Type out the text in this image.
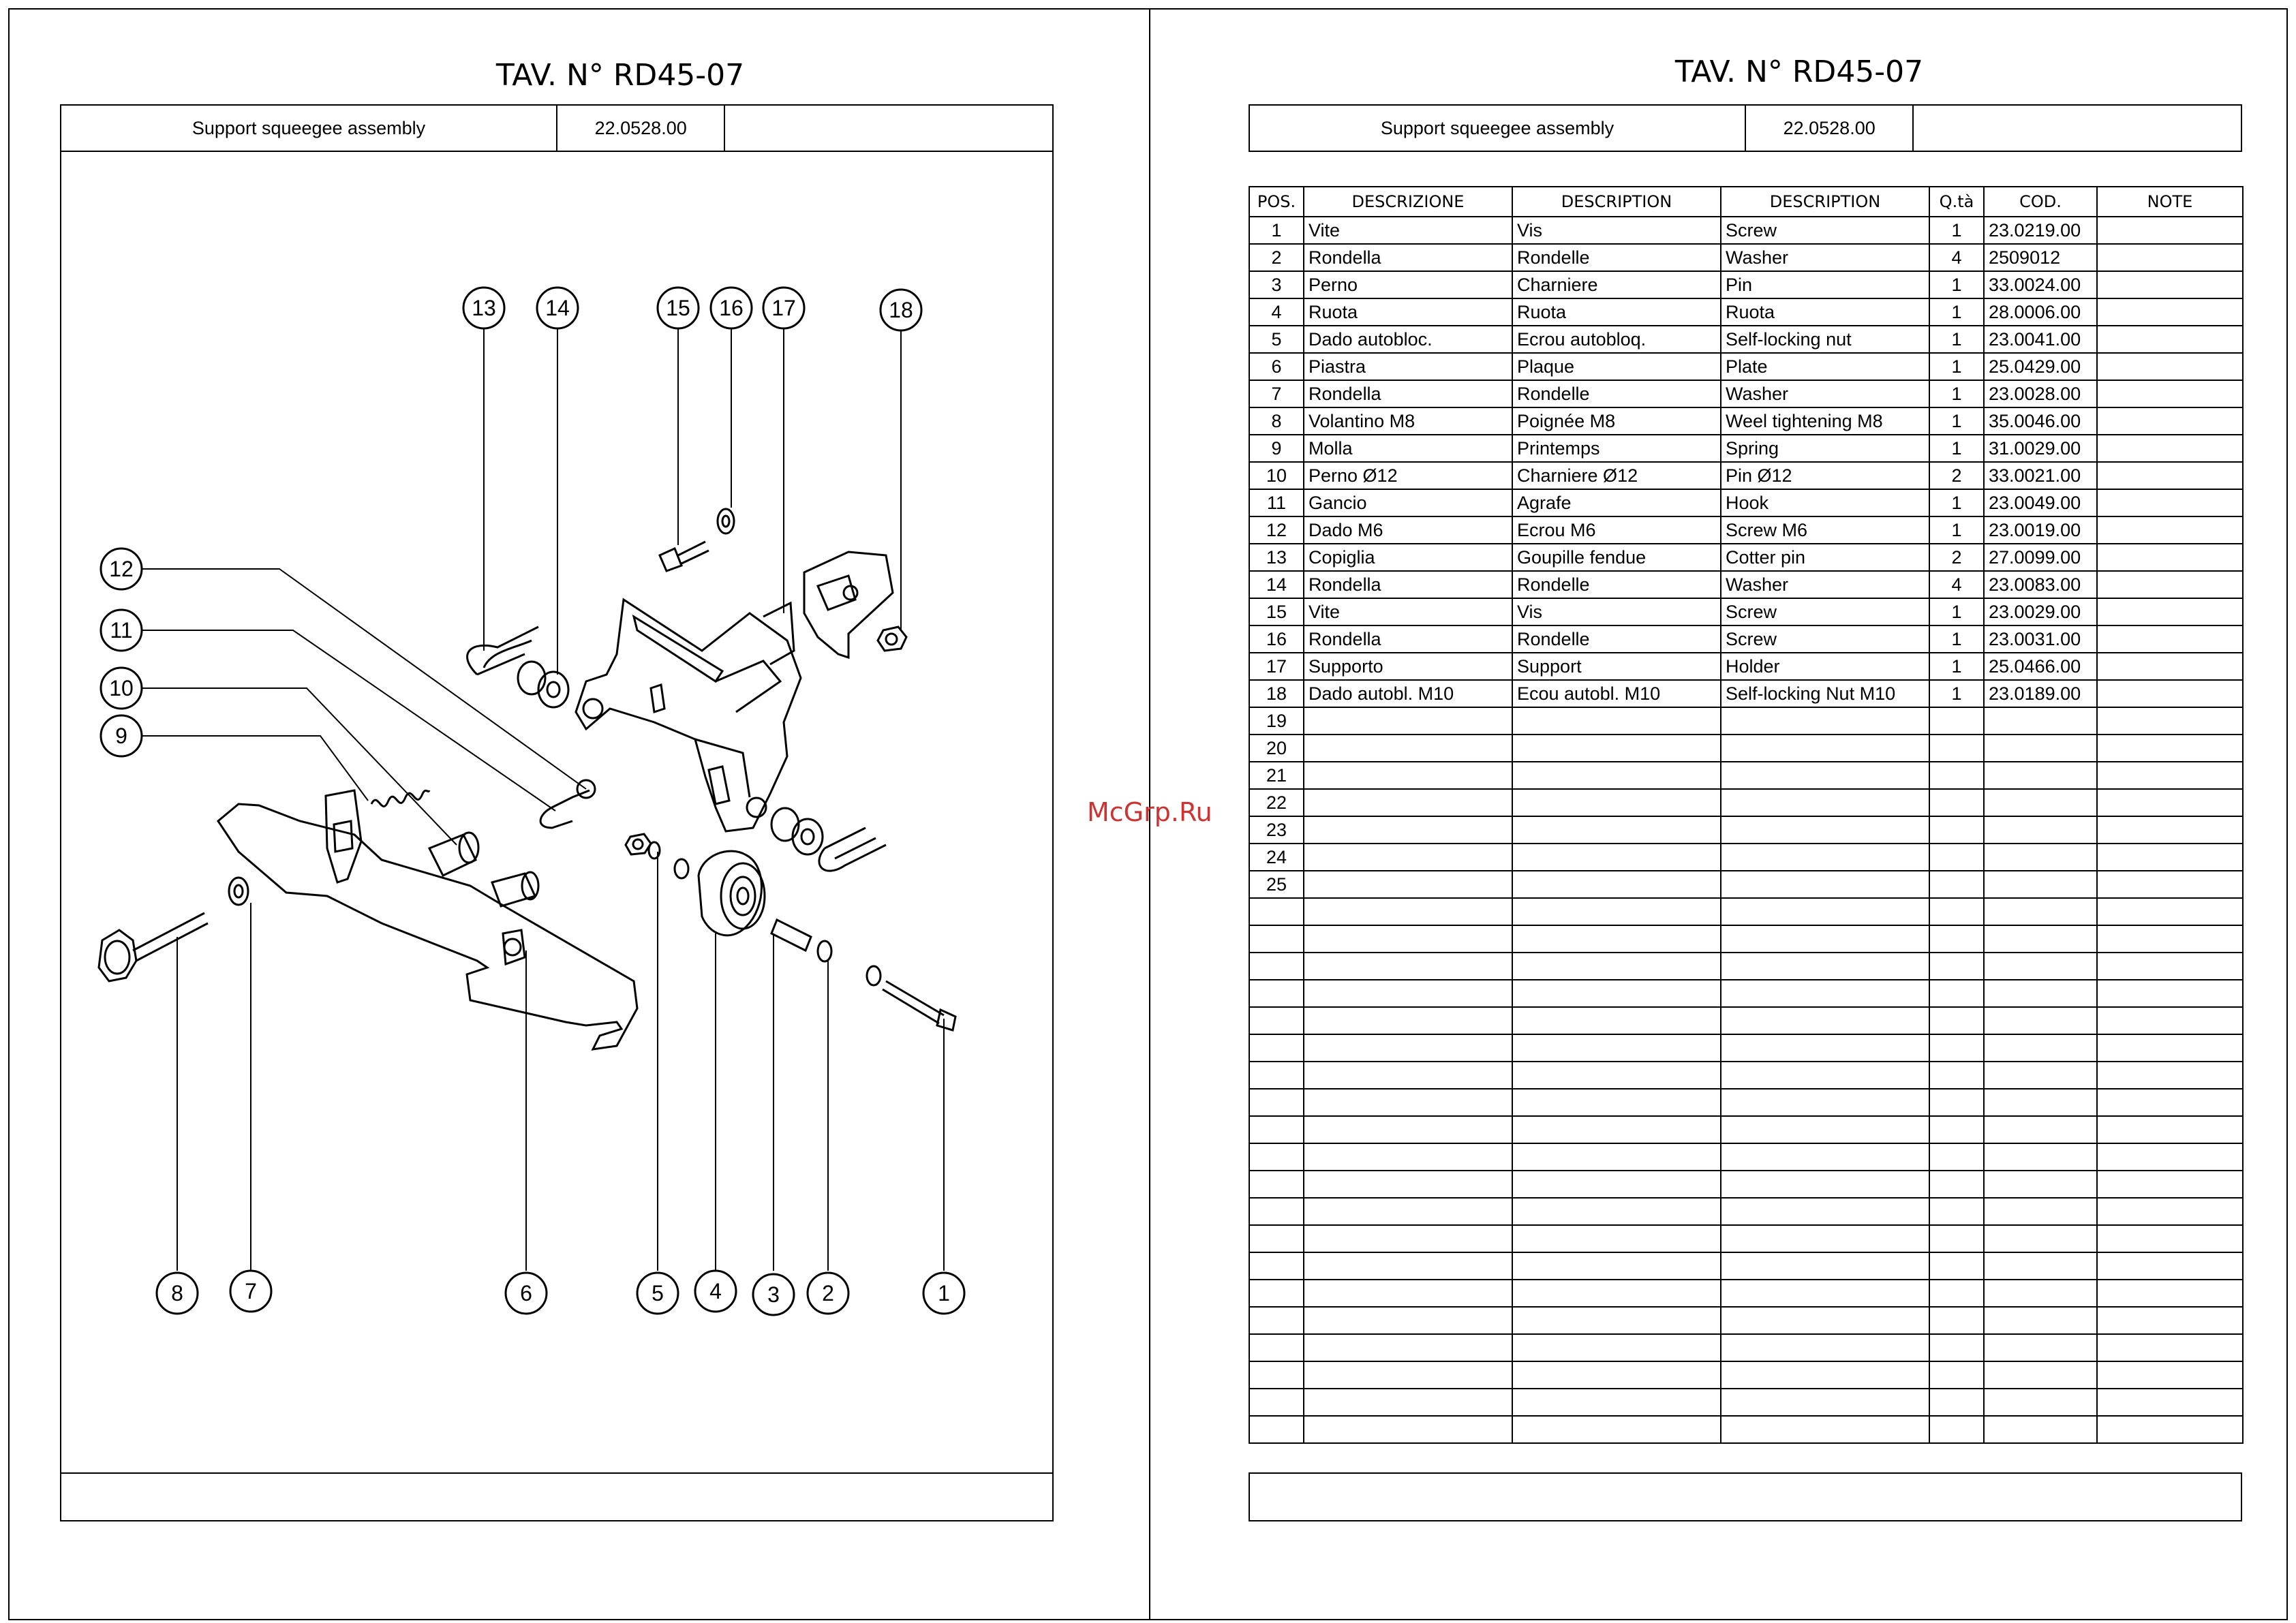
TAV. N° RD45-07
Support squeegee assembly	22.0528.00
TAV. N° RD45-07
Support squeegee assembly	22.0528.00
POS.	DESCRIZIONE	DESCRIPTION	DESCRIPTION	Q.tà	COD.	NOTE
1	Vite	Vis	Screw	1	23.0219.00	
2	Rondella	Rondelle	Washer	4	2509012	
3	Perno	Charniere	Pin	1	33.0024.00	
4	Ruota	Ruota	Ruota	1	28.0006.00	
5	Dado autobloc.	Ecrou autobloq.	Self-locking nut	1	23.0041.00	
6	Piastra	Plaque	Plate	1	25.0429.00	
7	Rondella	Rondelle	Washer	1	23.0028.00	
8	Volantino M8	Poignée M8	Weel tightening M8	1	35.0046.00	
9	Molla	Printemps	Spring	1	31.0029.00	
10	Perno Ø12	Charniere Ø12	Pin Ø12	2	33.0021.00	
11	Gancio	Agrafe	Hook	1	23.0049.00	
12	Dado M6	Ecrou M6	Screw M6	1	23.0019.00	
13	Copiglia	Goupille fendue	Cotter pin	2	27.0099.00	
14	Rondella	Rondelle	Washer	4	23.0083.00	
15	Vite	Vis	Screw	1	23.0029.00	
16	Rondella	Rondelle	Screw	1	23.0031.00	
17	Supporto	Support	Holder	1	25.0466.00	
18	Dado autobl. M10	Ecou autobl. M10	Self-locking Nut M10	1	23.0189.00	
19						
20						
21						
22						
23						
24						
25						

McGrp.Ru
1
2
3
4
5
6
7
8
9
10
11
12
13 14	15 16 17	18
